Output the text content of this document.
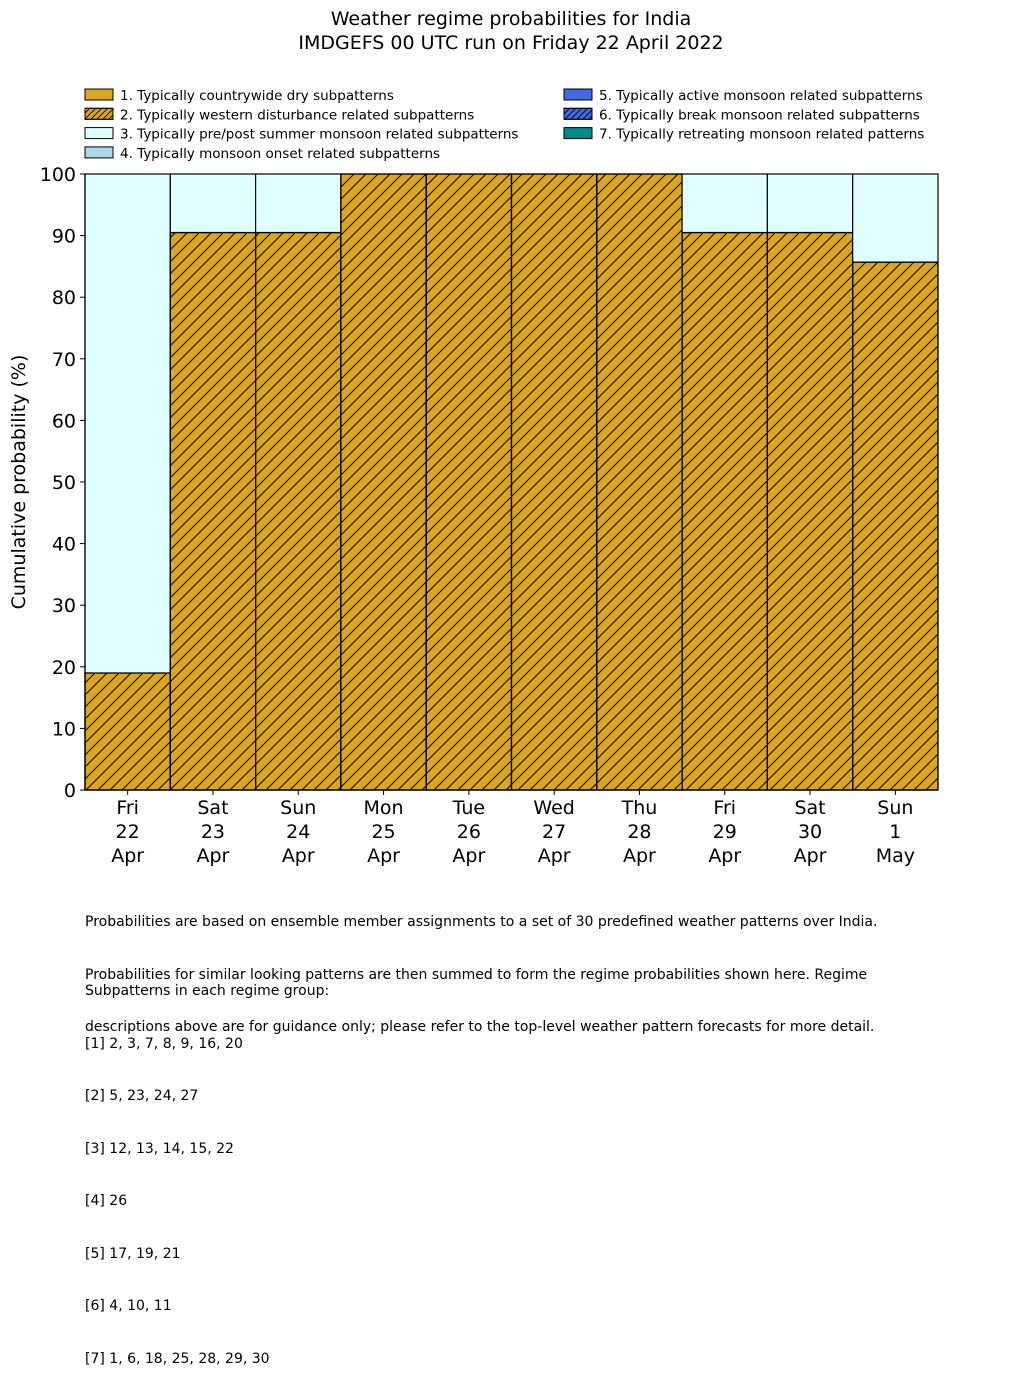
Weather regime probabilities for India
IMDGEFS 00 UTC run on Friday 22 April 2022
1. Typically countrywide dry subpatterns
2. Typically western disturbance related subpatterns
3. Typically pre/post summer monsoon related subpatterns
4. Typically monsoon onset related subpatterns
5. Typically active monsoon related subpatterns
6. Typically break monsoon related subpatterns
7. Typically retreating monsoon related patterns
0
10
20
30
40
50
60
70
80
90
100
Cumulative probability (%)
Fri 22 Apr
Sat 23 Apr
Sun 24 Apr
Mon 25 Apr
Tue 26 Apr
Wed 27 Apr
Thu 28 Apr
Fri 29 Apr
Sat 30 Apr
Sun 1 May

Probabilities are based on ensemble member assignments to a set of 30 predefined weather patterns over India.

Probabilities for similar looking patterns are then summed to form the regime probabilities shown here. Regime

descriptions above are for guidance only; please refer to the top-level weather pattern forecasts for more detail.

Subpatterns in each regime group:

[1] 2, 3, 7, 8, 9, 16, 20

[2] 5, 23, 24, 27

[3] 12, 13, 14, 15, 22

[4] 26

[5] 17, 19, 21

[6] 4, 10, 11

[7] 1, 6, 18, 25, 28, 29, 30
